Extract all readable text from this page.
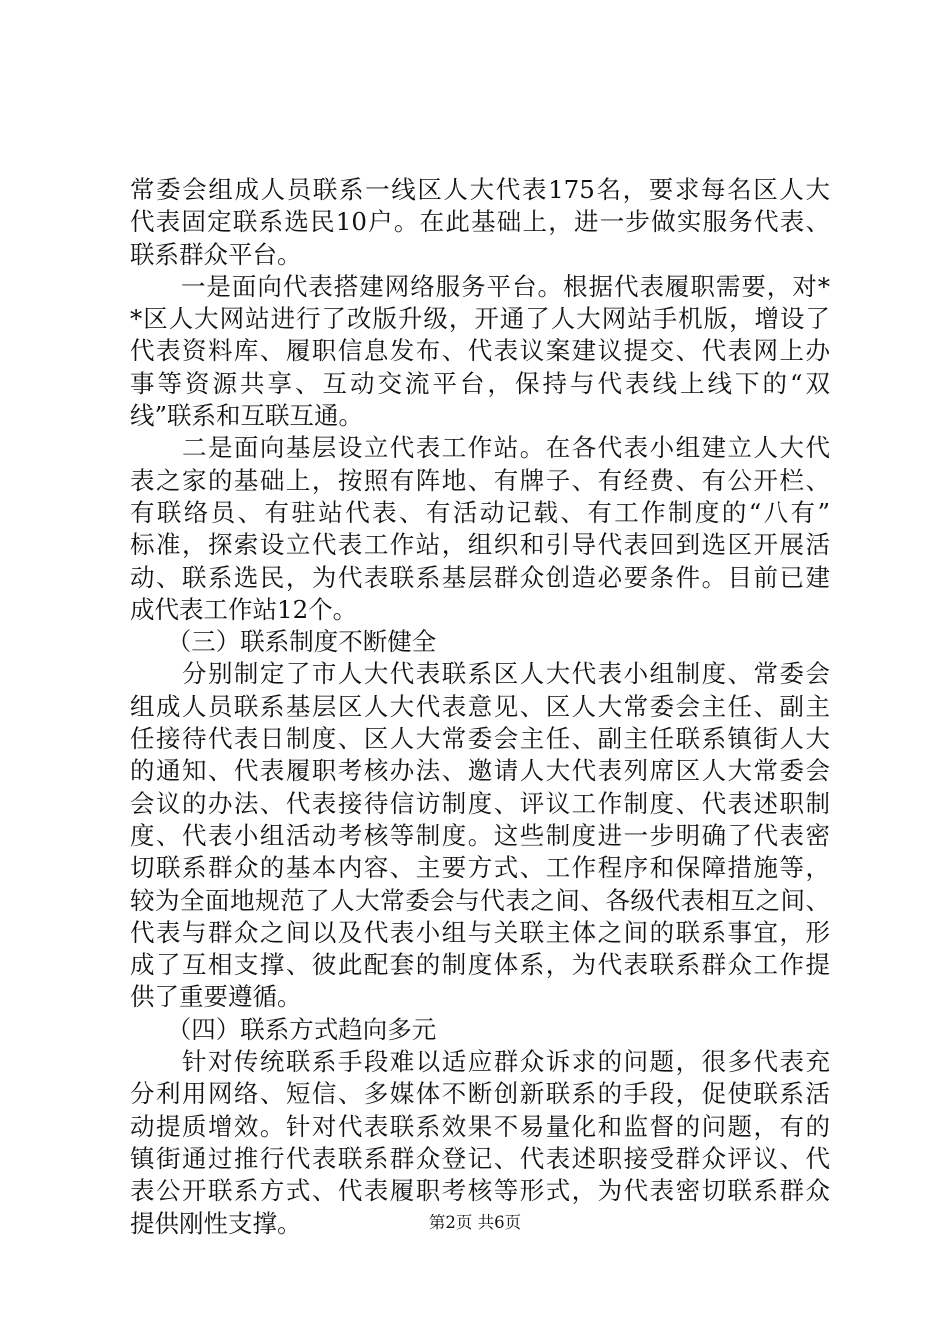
常委会组成人员联系一线区人大代表175名，要求每名区人大
代表固定联系选民10户。在此基础上，进一步做实服务代表、
联系群众平台。
　　一是面向代表搭建网络服务平台。根据代表履职需要，对*
*区人大网站进行了改版升级，开通了人大网站手机版，增设了
代表资料库、履职信息发布、代表议案建议提交、代表网上办
事等资源共享、互动交流平台，保持与代表线上线下的“双
线”联系和互联互通。
　　二是面向基层设立代表工作站。在各代表小组建立人大代
表之家的基础上，按照有阵地、有牌子、有经费、有公开栏、
有联络员、有驻站代表、有活动记载、有工作制度的“八有”
标准，探索设立代表工作站，组织和引导代表回到选区开展活
动、联系选民，为代表联系基层群众创造必要条件。目前已建
成代表工作站12个。
　　（三）联系制度不断健全
　　分别制定了市人大代表联系区人大代表小组制度、常委会
组成人员联系基层区人大代表意见、区人大常委会主任、副主
任接待代表日制度、区人大常委会主任、副主任联系镇街人大
的通知、代表履职考核办法、邀请人大代表列席区人大常委会
会议的办法、代表接待信访制度、评议工作制度、代表述职制
度、代表小组活动考核等制度。这些制度进一步明确了代表密
切联系群众的基本内容、主要方式、工作程序和保障措施等，
较为全面地规范了人大常委会与代表之间、各级代表相互之间、
代表与群众之间以及代表小组与关联主体之间的联系事宜，形
成了互相支撑、彼此配套的制度体系，为代表联系群众工作提
供了重要遵循。
　　（四）联系方式趋向多元
　　针对传统联系手段难以适应群众诉求的问题，很多代表充
分利用网络、短信、多媒体不断创新联系的手段，促使联系活
动提质增效。针对代表联系效果不易量化和监督的问题，有的
镇街通过推行代表联系群众登记、代表述职接受群众评议、代
表公开联系方式、代表履职考核等形式，为代表密切联系群众
提供刚性支撑。	第2页 共6页
